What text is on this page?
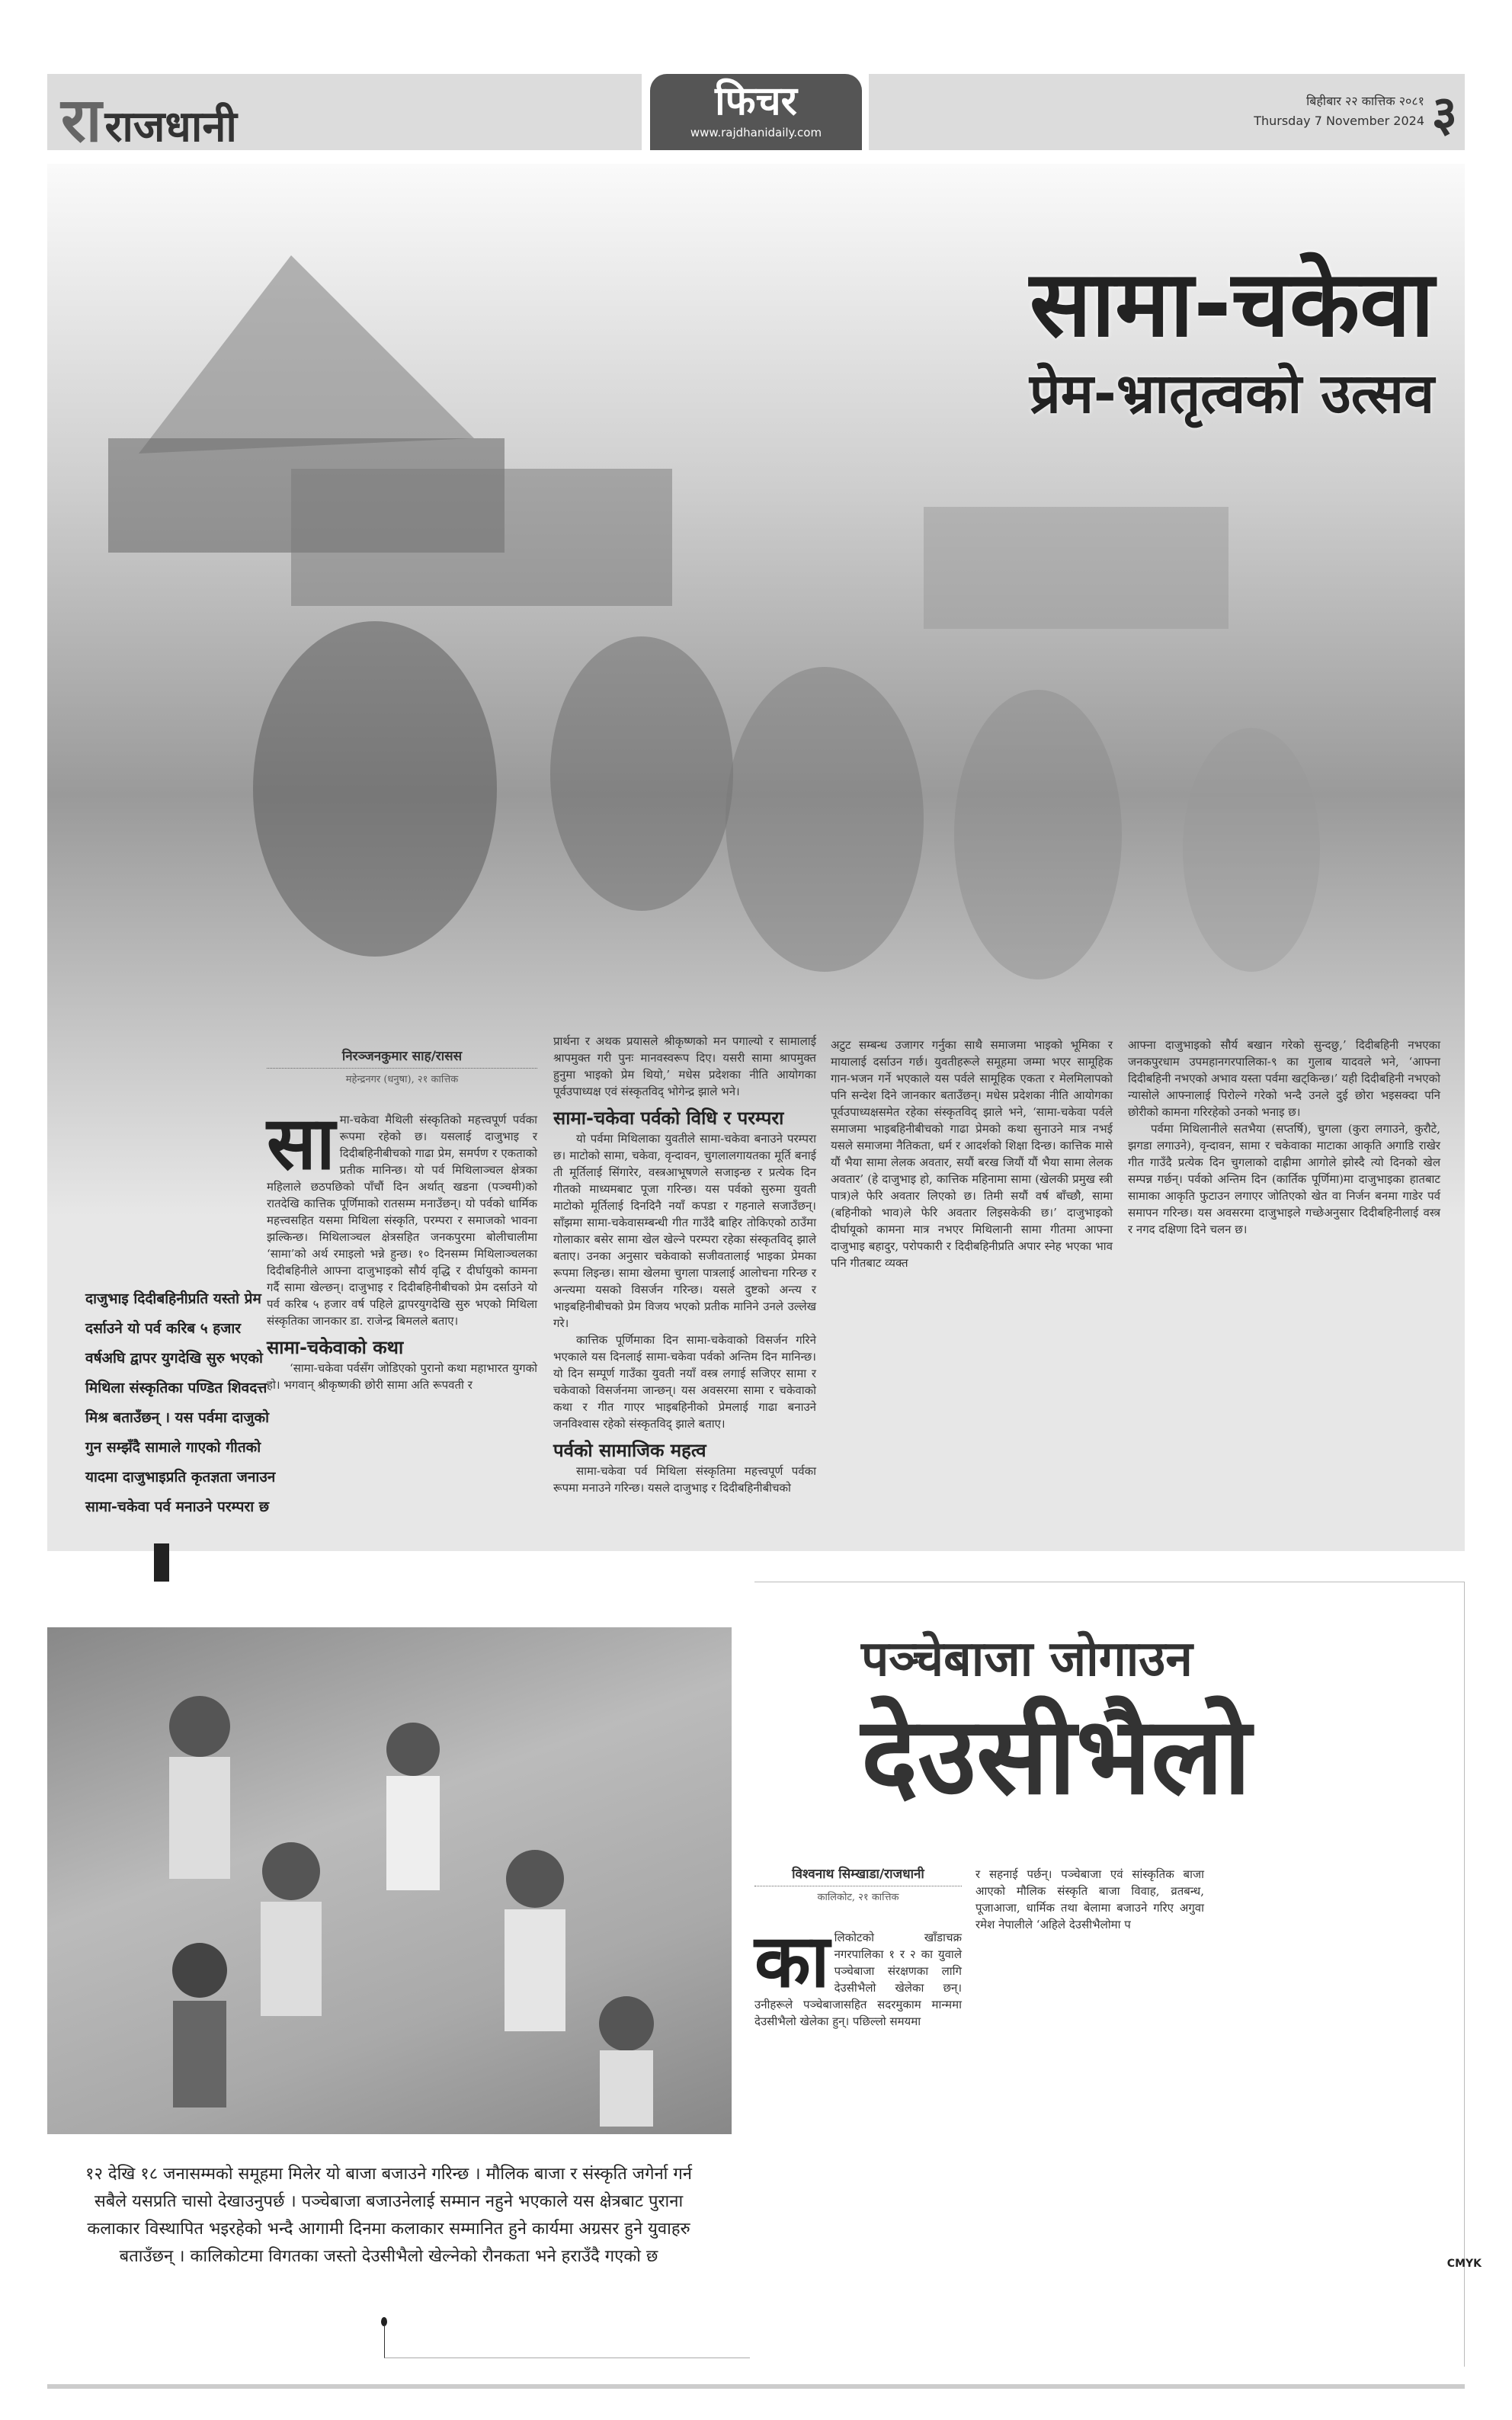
राराजधानी	फिचर
www.rajdhanidaily.com
बिहीबार २२ कात्तिक २०८१
Thursday 7 November 2024 ३
सामा-चकेवा
प्रेम-भ्रातृत्वको उत्सव
दाजुभाइ दिदीबहिनीप्रति यस्तो प्रेम दर्साउने यो पर्व करिब ५ हजार वर्षअघि द्वापर युगदेखि सुरु भएको मिथिला संस्कृतिका पण्डित शिवदत्त मिश्र बताउँछन् । यस पर्वमा दाजुको गुन सम्झँदै सामाले गाएको गीतको यादमा दाजुभाइप्रति कृतज्ञता जनाउन सामा-चकेवा पर्व मनाउने परम्परा छ
निरञ्जनकुमार साह/रासस
महेन्द्रनगर (धनुषा), २१ कात्तिक
सामा-चकेवा मैथिली संस्कृतिको महत्त्वपूर्ण पर्वका रूपमा रहेको छ। यसलाई दाजुभाइ र दिदीबहिनीबीचको गाढा प्रेम, समर्पण र एकताको प्रतीक मानिन्छ। यो पर्व मिथिलाञ्चल क्षेत्रका महिलाले छठपछिको पाँचौं दिन अर्थात् खडना (पञ्चमी)को रातदेखि कात्तिक पूर्णिमाको रातसम्म मनाउँछन्। यो पर्वको धार्मिक महत्त्वसहित यसमा मिथिला संस्कृति, परम्परा र समाजको भावना झल्किन्छ। मिथिलाञ्चल क्षेत्रसहित जनकपुरमा बोलीचालीमा ‘सामा’को अर्थ रमाइलो भन्ने हुन्छ। १० दिनसम्म मिथिलाञ्चलका दिदीबहिनीले आफ्ना दाजुभाइको सौर्य वृद्धि र दीर्घायुको कामना गर्दै सामा खेल्छन्। दाजुभाइ र दिदीबहिनीबीचको प्रेम दर्साउने यो पर्व करिब ५ हजार वर्ष पहिले द्वापरयुगदेखि सुरु भएको मिथिला संस्कृतिका जानकार डा. राजेन्द्र बिमलले बताए।
सामा-चकेवाको कथा

‘सामा-चकेवा पर्वसँग जोडिएको पुरानो कथा महाभारत युगको हो। भगवान् श्रीकृष्णकी छोरी सामा अति रूपवती र

प्रार्थना र अथक प्रयासले श्रीकृष्णको मन पगाल्यो र सामालाई श्रापमुक्त गरी पुनः मानवस्वरूप दिए। यसरी सामा श्रापमुक्त हुनुमा भाइको प्रेम थियो,’ मधेस प्रदेशका नीति आयोगका पूर्वउपाध्यक्ष एवं संस्कृतविद् भोगेन्द्र झाले भने।

सामा-चकेवा पर्वको विधि र परम्परा

यो पर्वमा मिथिलाका युवतीले सामा-चकेवा बनाउने परम्परा छ। माटोको सामा, चकेवा, वृन्दावन, चुगलालगायतका मूर्ति बनाई ती मूर्तिलाई सिंगारेर, वस्त्रआभूषणले सजाइन्छ र प्रत्येक दिन गीतको माध्यमबाट पूजा गरिन्छ। यस पर्वको सुरुमा युवती माटोको मूर्तिलाई दिनदिनै नयाँ कपडा र गहनाले सजाउँछन्। साँझमा सामा-चकेवासम्बन्धी गीत गाउँदै बाहिर तोकिएको ठाउँमा गोलाकार बसेर सामा खेल खेल्ने परम्परा रहेका संस्कृतविद् झाले बताए। उनका अनुसार चकेवाको सजीवतालाई भाइका प्रेमका रूपमा लिइन्छ। सामा खेलमा चुगला पात्रलाई आलोचना गरिन्छ र अन्त्यमा यसको विसर्जन गरिन्छ। यसले दुष्टको अन्त्य र भाइबहिनीबीचको प्रेम विजय भएको प्रतीक मानिने उनले उल्लेख गरे।

कात्तिक पूर्णिमाका दिन सामा-चकेवाको विसर्जन गरिने भएकाले यस दिनलाई सामा-चकेवा पर्वको अन्तिम दिन मानिन्छ। यो दिन सम्पूर्ण गाउँका युवती नयाँ वस्त्र लगाई सजिएर सामा र चकेवाको विसर्जनमा जान्छन्। यस अवसरमा सामा र चकेवाको कथा र गीत गाएर भाइबहिनीको प्रेमलाई गाढा बनाउने जनविश्वास रहेको संस्कृतविद् झाले बताए।

पर्वको सामाजिक महत्व

सामा-चकेवा पर्व मिथिला संस्कृतिमा महत्त्वपूर्ण पर्वका रूपमा मनाउने गरिन्छ। यसले दाजुभाइ र दिदीबहिनीबीचको

अटुट सम्बन्ध उजागर गर्नुका साथै समाजमा भाइको भूमिका र मायालाई दर्साउन गर्छ। युवतीहरूले समूहमा जम्मा भएर सामूहिक गान-भजन गर्ने भएकाले यस पर्वले सामूहिक एकता र मेलमिलापको पनि सन्देश दिने जानकार बताउँछन्। मधेस प्रदेशका नीति आयोगका पूर्वउपाध्यक्षसमेत रहेका संस्कृतविद् झाले भने, ‘सामा-चकेवा पर्वले समाजमा भाइबहिनीबीचको गाढा प्रेमको कथा सुनाउने मात्र नभई यसले समाजमा नैतिकता, धर्म र आदर्शको शिक्षा दिन्छ। कात्तिक मासे यौं भैया सामा लेलक अवतार, सयौं बरख जियौं यौं भैया सामा लेलक अवतार’ (हे दाजुभाइ हो, कात्तिक महिनामा सामा (खेलकी प्रमुख स्त्री पात्र)ले फेरि अवतार लिएको छ। तिमी सयौं वर्ष बाँच्छौ, सामा (बहिनीको भाव)ले फेरि अवतार लिइसकेकी छ।’ दाजुभाइको दीर्घायूको कामना मात्र नभएर मिथिलानी सामा गीतमा आफ्ना दाजुभाइ बहादुर, परोपकारी र दिदीबहिनीप्रति अपार स्नेह भएका भाव पनि गीतबाट व्यक्त

आफ्ना दाजुभाइको सौर्य बखान गरेको सुन्दछु,’ दिदीबहिनी नभएका जनकपुरधाम उपमहानगरपालिका-९ का गुलाब यादवले भने, ‘आफ्ना दिदीबहिनी नभएको अभाव यस्ता पर्वमा खट्किन्छ।’ यही दिदीबहिनी नभएको न्यासोले आफ्नालाई पिरोल्ने गरेको भन्दै उनले दुई छोरा भइसक्दा पनि छोरीको कामना गरिरहेको उनको भनाइ छ।

पर्वमा मिथिलानीले सतभैया (सप्तर्षि), चुगला (कुरा लगाउने, कुरौटे, झगडा लगाउने), वृन्दावन, सामा र चकेवाका माटाका आकृति अगाडि राखेर गीत गाउँदै प्रत्येक दिन चुगलाको दाह्रीमा आगोले झोस्दै त्यो दिनको खेल सम्पन्न गर्छन्। पर्वको अन्तिम दिन (कार्तिक पूर्णिमा)मा दाजुभाइका हातबाट सामाका आकृति फुटाउन लगाएर जोतिएको खेत वा निर्जन बनमा गाडेर पर्व समापन गरिन्छ। यस अवसरमा दाजुभाइले गच्छेअनुसार दिदीबहिनीलाई वस्त्र र नगद दक्षिणा दिने चलन छ।

पञ्चेबाजा जोगाउन
देउसीभैलो
१२ देखि १८ जनासम्मको समूहमा मिलेर यो बाजा बजाउने गरिन्छ । मौलिक बाजा र संस्कृति जगेर्ना गर्न सबैले यसप्रति चासो देखाउनुपर्छ । पञ्चेबाजा बजाउनेलाई सम्मान नहुने भएकाले यस क्षेत्रबाट पुराना कलाकार विस्थापित भइरहेको भन्दै आगामी दिनमा कलाकार सम्मानित हुने कार्यमा अग्रसर हुने युवाहरु बताउँछन् । कालिकोटमा विगतका जस्तो देउसीभैलो खेल्नेको रौनकता भने हराउँदै गएको छ
विश्वनाथ सिम्खाडा/राजधानी
कालिकोट, २१ कात्तिक
कालिकोटको खाँडाचक्र नगरपालिका १ र २ का युवाले पञ्चेबाजा संरक्षणका लागि देउसीभैलो खेलेका छन्। उनीहरूले पञ्चेबाजासहित सदरमुकाम मान्ममा देउसीभैलो खेलेका हुन्। पछिल्लो समयमा

र सहनाई पर्छन्। पञ्चेबाजा एवं सांस्कृतिक बाजा आएको मौलिक संस्कृति बाजा विवाह, व्रतबन्ध, पूजाआजा, धार्मिक तथा बेलामा बजाउने गरिए अगुवा रमेश नेपालीले ‘अहिले देउसीभैलोमा प

CMYK
